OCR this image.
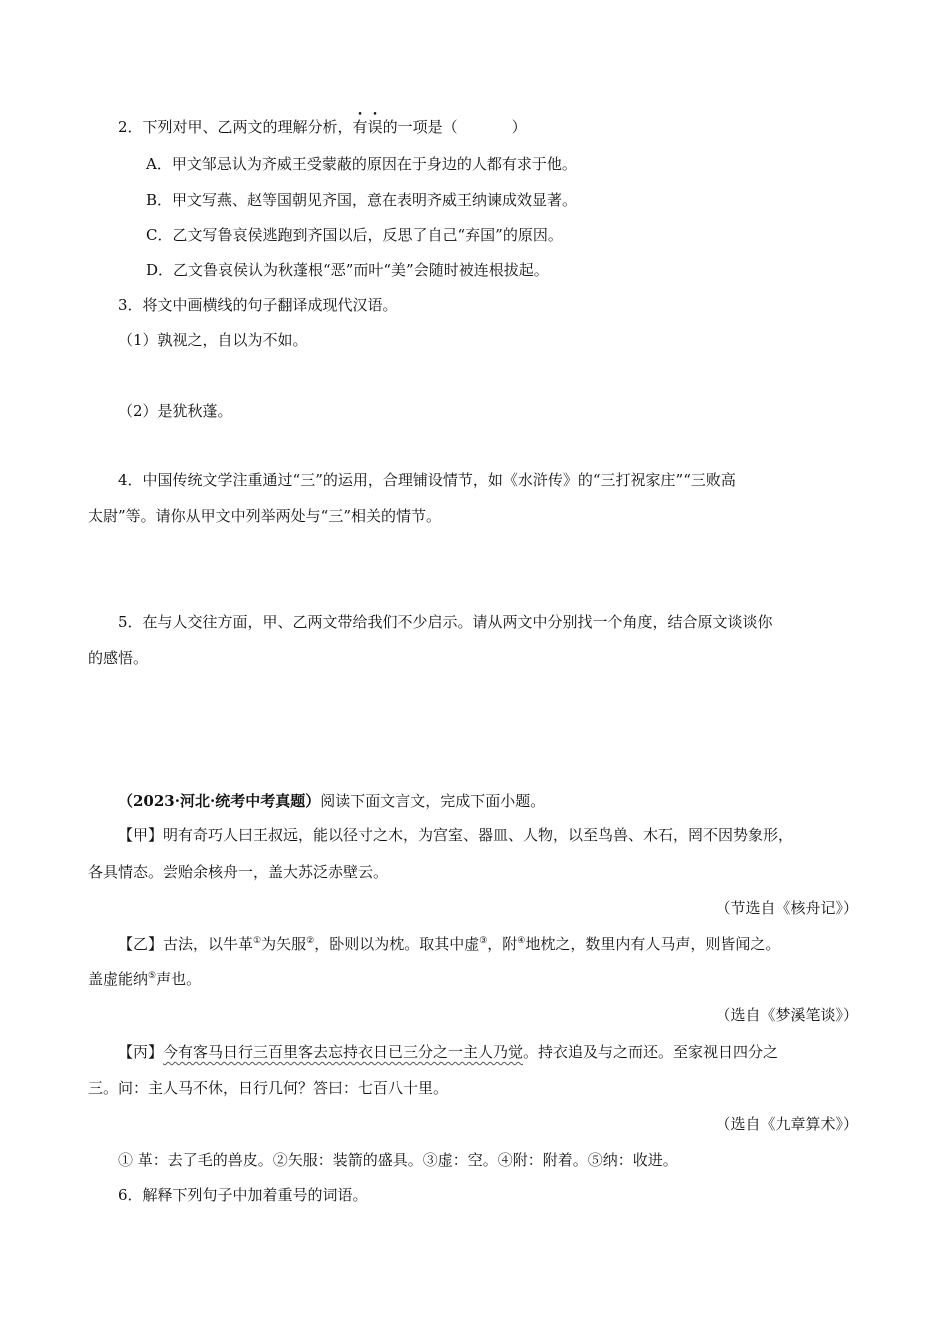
2．下列对甲、乙两文的理解分析，有误的一项是（	）
A．甲文邹忌认为齐威王受蒙蔽的原因在于身边的人都有求于他。
B．甲文写燕、赵等国朝见齐国，意在表明齐威王纳谏成效显著。
C．乙文写鲁哀侯逃跑到齐国以后，反思了自己“弃国”的原因。
D．乙文鲁哀侯认为秋蓬根“恶”而叶“美”会随时被连根拔起。
3．将文中画横线的句子翻译成现代汉语。
（1）孰视之，自以为不如。
（2）是犹秋蓬。
4．中国传统文学注重通过“三”的运用，合理铺设情节，如《水浒传》的“三打祝家庄”“三败高
太尉”等。请你从甲文中列举两处与“三”相关的情节。
5．在与人交往方面，甲、乙两文带给我们不少启示。请从两文中分别找一个角度，结合原文谈谈你
的感悟。
（2023·河北·统考中考真题）阅读下面文言文，完成下面小题。
【甲】明有奇巧人曰王叔远，能以径寸之木，为宫室、器皿、人物，以至鸟兽、木石，罔不因势象形，
各具情态。尝贻余核舟一，盖大苏泛赤壁云。
（节选自《核舟记》）
【乙】古法，以牛革①为矢服②，卧则以为枕。取其中虚③，附④地枕之，数里内有人马声，则皆闻之。
盖虚能纳⑤声也。
（选自《梦溪笔谈》）
【丙】今有客马日行三百里客去忘持衣日已三分之一主人乃觉。持衣追及与之而还。至家视日四分之
三。问：主人马不休，日行几何？答曰：七百八十里。
（选自《九章算术》）
① 革：去了毛的兽皮。②矢服：装箭的盛具。③虚：空。④附：附着。⑤纳：收进。
6．解释下列句子中加着重号的词语。
